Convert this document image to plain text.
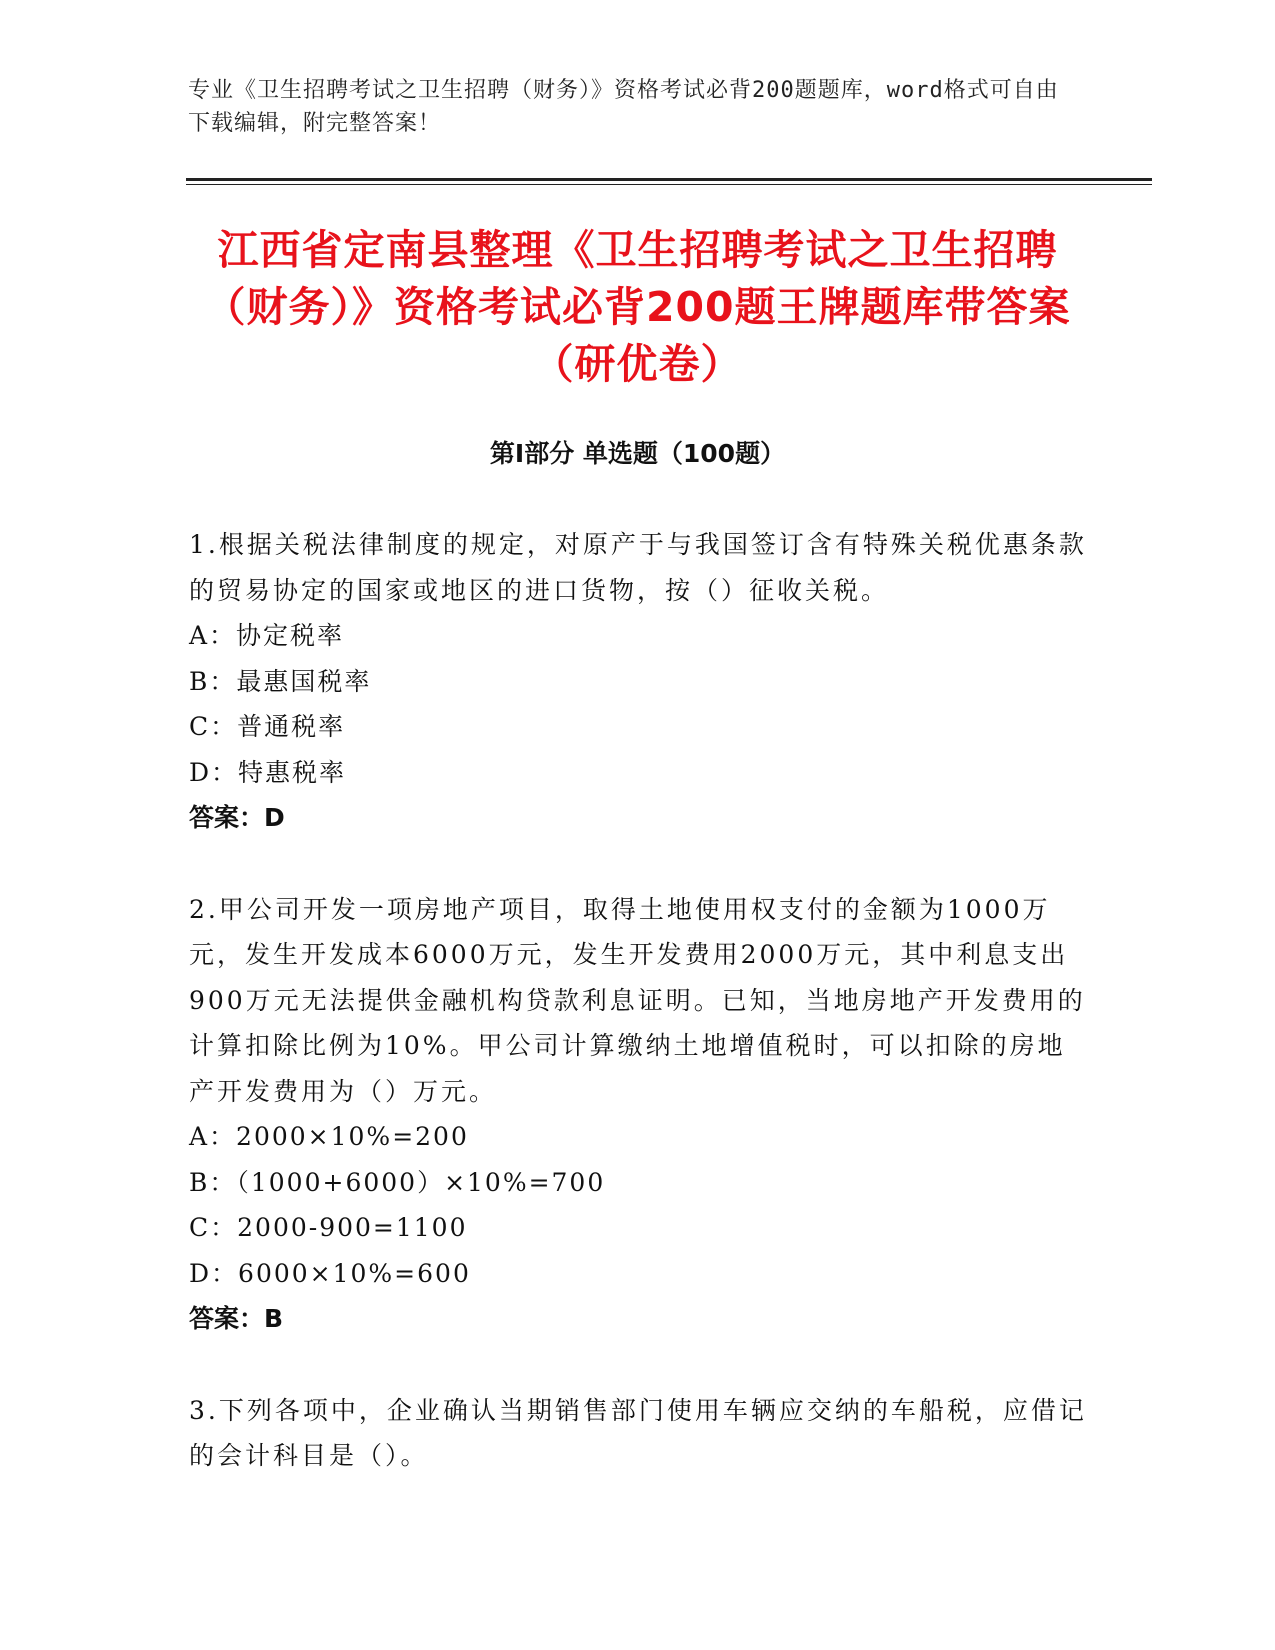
专业《卫生招聘考试之卫生招聘（财务）》资格考试必背200题题库，word格式可自由下载编辑，附完整答案！
江西省定南县整理《卫生招聘考试之卫生招聘（财务）》资格考试必背200题王牌题库带答案（研优卷）
第Ⅰ部分 单选题（100题）

1.根据关税法律制度的规定，对原产于与我国签订含有特殊关税优惠条款的贸易协定的国家或地区的进口货物，按（）征收关税。

A：协定税率

B：最惠国税率

C：普通税率

D：特惠税率

答案：D

2.甲公司开发一项房地产项目，取得土地使用权支付的金额为1000万元，发生开发成本6000万元，发生开发费用2000万元，其中利息支出900万元无法提供金融机构贷款利息证明。已知，当地房地产开发费用的计算扣除比例为10%。甲公司计算缴纳土地增值税时，可以扣除的房地产开发费用为（）万元。

A：2000×10%=200

B：（1000+6000）×10%=700

C：2000-900=1100

D：6000×10%=600

答案：B

3.下列各项中，企业确认当期销售部门使用车辆应交纳的车船税，应借记的会计科目是（）。
